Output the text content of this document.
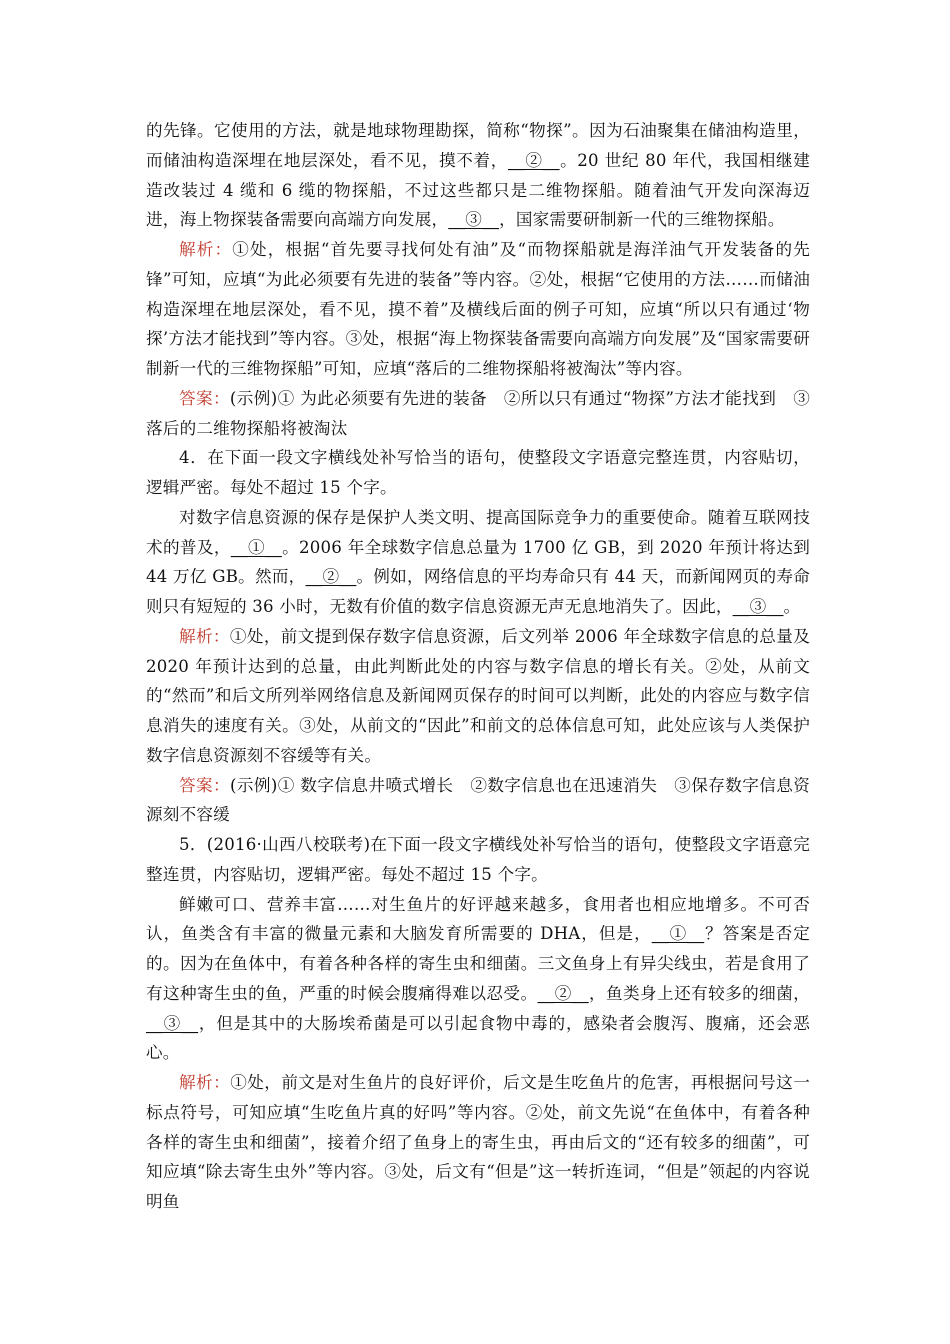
的先锋。它使用的方法，就是地球物理勘探，简称“物探”。因为石油聚集在储油构造里，而储油构造深埋在地层深处，看不见，摸不着，__②__。20 世纪 80 年代，我国相继建造改装过 4 缆和 6 缆的物探船，不过这些都只是二维物探船。随着油气开发向深海迈进，海上物探装备需要向高端方向发展，__③__，国家需要研制新一代的三维物探船。

解析：①处，根据“首先要寻找何处有油”及“而物探船就是海洋油气开发装备的先锋”可知，应填“为此必须要有先进的装备”等内容。②处，根据“它使用的方法……而储油构造深埋在地层深处，看不见，摸不着”及横线后面的例子可知，应填“所以只有通过‘物探’方法才能找到”等内容。③处，根据“海上物探装备需要向高端方向发展”及“国家需要研制新一代的三维物探船”可知，应填“落后的二维物探船将被淘汰”等内容。

答案：(示例)① 为此必须要有先进的装备　②所以只有通过“物探”方法才能找到　③落后的二维物探船将被淘汰

4．在下面一段文字横线处补写恰当的语句，使整段文字语意完整连贯，内容贴切，逻辑严密。每处不超过 15 个字。

对数字信息资源的保存是保护人类文明、提高国际竞争力的重要使命。随着互联网技术的普及，__①__。2006 年全球数字信息总量为 1700 亿 GB，到 2020 年预计将达到 44 万亿 GB。然而，__②__。例如，网络信息的平均寿命只有 44 天，而新闻网页的寿命则只有短短的 36 小时，无数有价值的数字信息资源无声无息地消失了。因此，__③__。

解析：①处，前文提到保存数字信息资源，后文列举 2006 年全球数字信息的总量及 2020 年预计达到的总量，由此判断此处的内容与数字信息的增长有关。②处，从前文的“然而”和后文所列举网络信息及新闻网页保存的时间可以判断，此处的内容应与数字信息消失的速度有关。③处，从前文的“因此”和前文的总体信息可知，此处应该与人类保护数字信息资源刻不容缓等有关。

答案：(示例)① 数字信息井喷式增长　②数字信息也在迅速消失　③保存数字信息资源刻不容缓

5．(2016·山西八校联考)在下面一段文字横线处补写恰当的语句，使整段文字语意完整连贯，内容贴切，逻辑严密。每处不超过 15 个字。

鲜嫩可口、营养丰富……对生鱼片的好评越来越多，食用者也相应地增多。不可否认，鱼类含有丰富的微量元素和大脑发育所需要的 DHA，但是，__①__？答案是否定的。因为在鱼体中，有着各种各样的寄生虫和细菌。三文鱼身上有异尖线虫，若是食用了有这种寄生虫的鱼，严重的时候会腹痛得难以忍受。__②__，鱼类身上还有较多的细菌，__③__，但是其中的大肠埃希菌是可以引起食物中毒的，感染者会腹泻、腹痛，还会恶心。

解析：①处，前文是对生鱼片的良好评价，后文是生吃鱼片的危害，再根据问号这一标点符号，可知应填“生吃鱼片真的好吗”等内容。②处，前文先说“在鱼体中，有着各种各样的寄生虫和细菌”，接着介绍了鱼身上的寄生虫，再由后文的“还有较多的细菌”，可知应填“除去寄生虫外”等内容。③处，后文有“但是”这一转折连词，“但是”领起的内容说明鱼
